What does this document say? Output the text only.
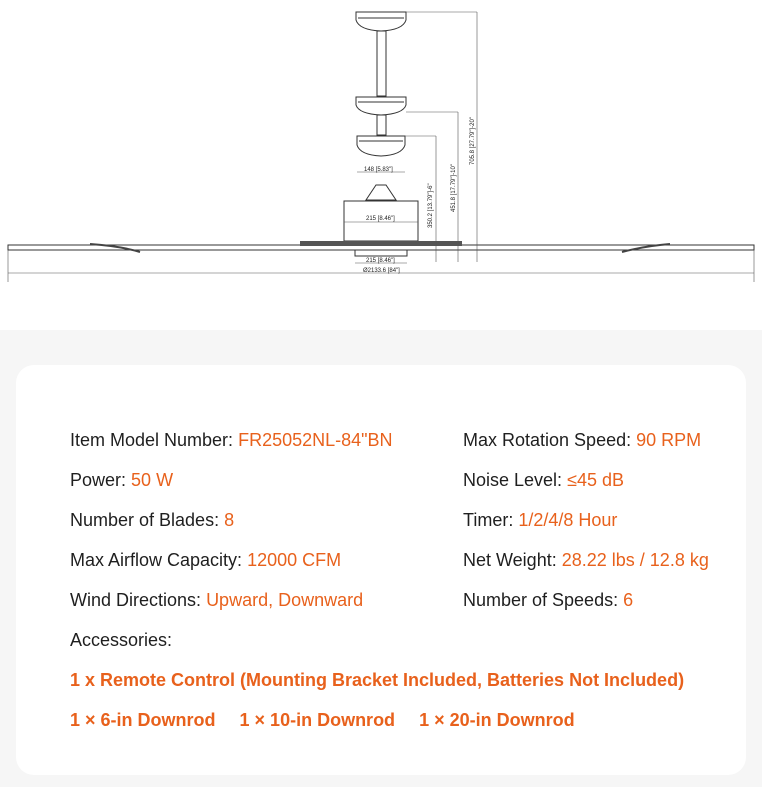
148 [5.83"]
215 [8.46"]
215 [8.46"]
Ø2133.6 [84"]
350.2 [13.79"]-6"	451.8 [17.79"]-10"
705.8 [27.79"]-20"
Item Model Number: FR25052NL-84"BN
Power: 50 W
Number of Blades: 8
Max Airflow Capacity: 12000 CFM
Wind Directions: Upward, Downward
Max Rotation Speed: 90 RPM
Noise Level: ≤45 dB
Timer: 1/2/4/8 Hour
Net Weight: 28.22 lbs / 12.8 kg
Number of Speeds: 6
Accessories:
1 x Remote Control (Mounting Bracket Included, Batteries Not Included)
1 × 6-in Downrod 1 × 10-in Downrod 1 × 20-in Downrod
